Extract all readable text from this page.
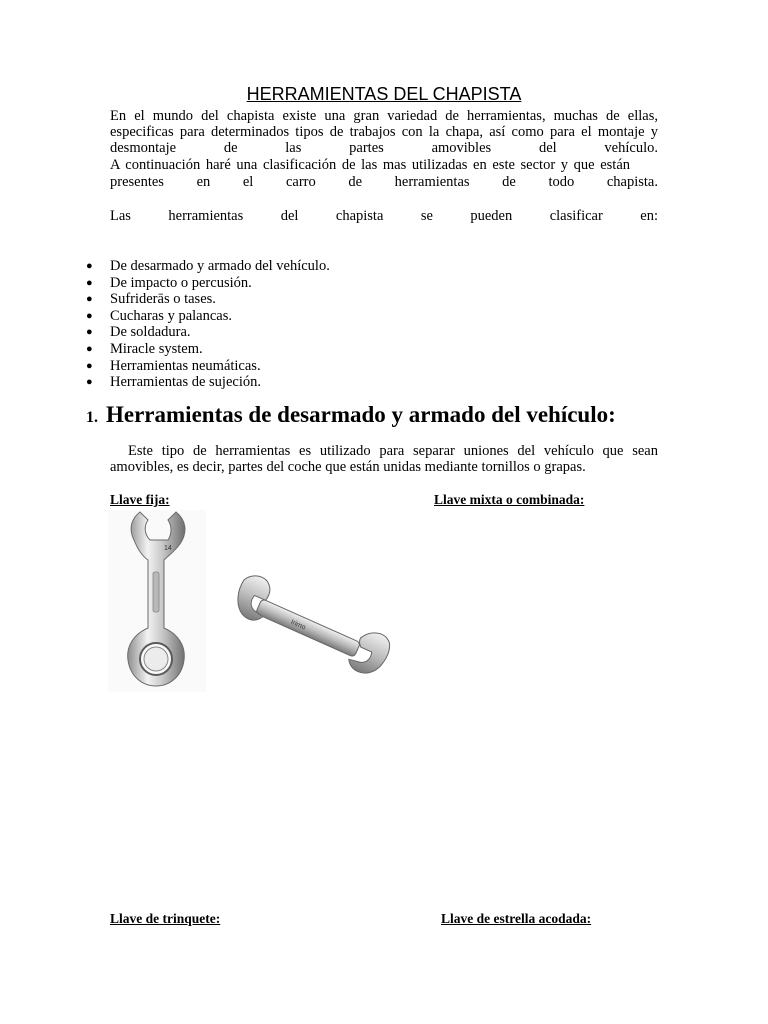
HERRAMIENTAS DEL CHAPISTA
En el mundo del chapista existe una gran variedad de herramientas, muchas de ellas,
especificas para determinados tipos de trabajos con la chapa, así como para el montaje y
desmontaje de las partes amovibles del vehículo.
A continuación haré una clasificación de las mas utilizadas en este sector y que están
presentes en el carro de herramientas de todo chapista.
Las herramientas del chapista se pueden clasificar en:
● De desarmado y armado del vehículo.
● De impacto o percusión.
● Sufriderās o tases.
● Cucharas y palancas.
● De soldadura.
● Miracle system.
● Herramientas neumáticas.
● Herramientas de sujeción.
1. Herramientas de desarmado y armado del vehículo:
Este tipo de herramientas es utilizado para separar uniones del vehículo que sean
amovibles, es decir, partes del coche que están unidas mediante tornillos o grapas.
Llave fija:	Llave mixta o combinada:
14
Irimo
Llave de trinquete:	Llave de estrella acodada:
